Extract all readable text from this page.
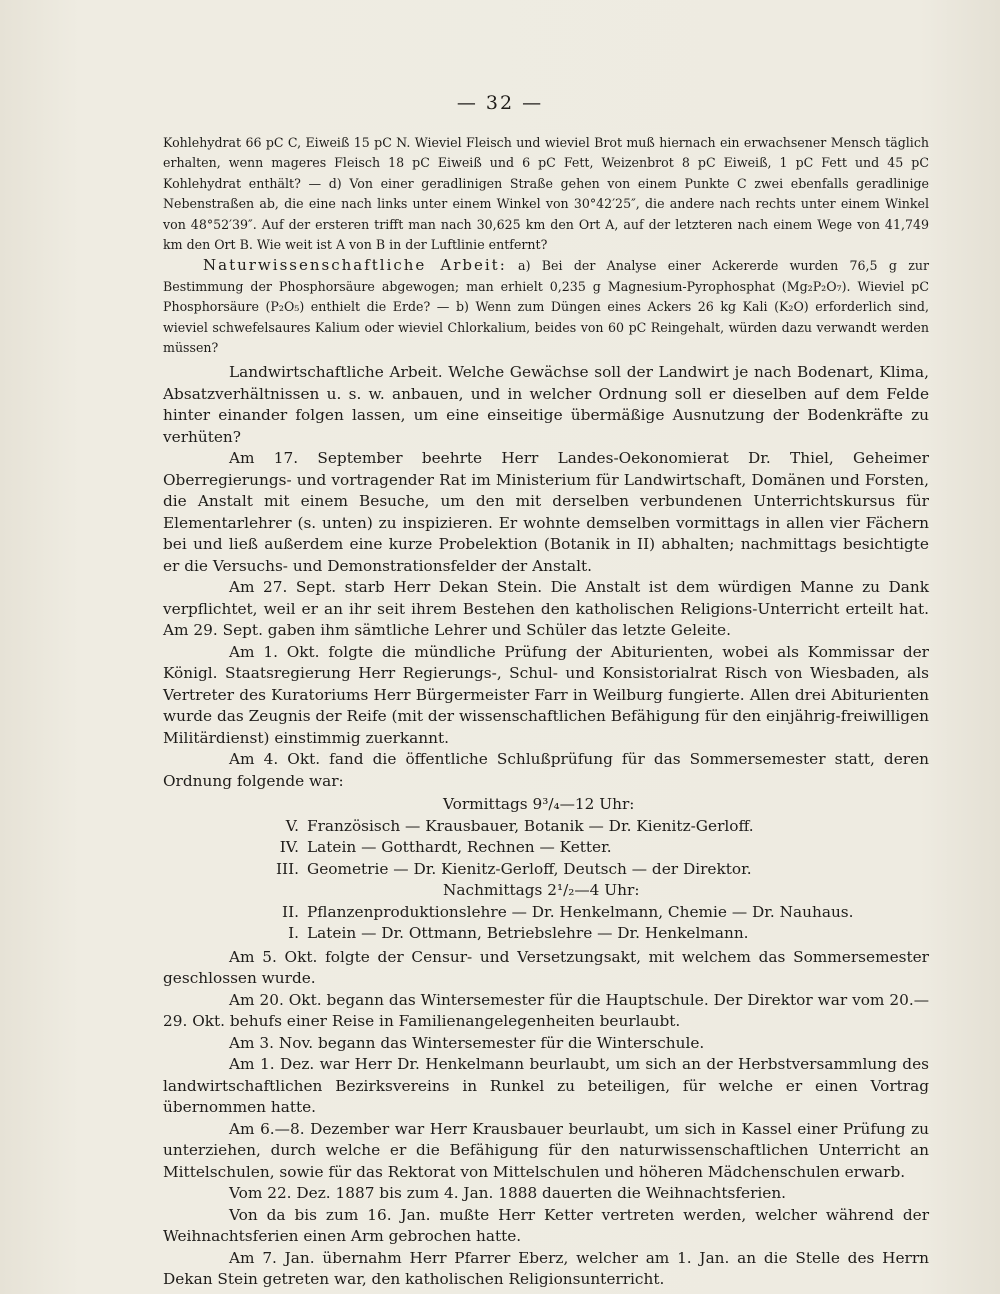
— 32 —

Kohlehydrat 66 pC C, Eiweiß 15 pC N. Wieviel Fleisch und wieviel Brot muß hiernach ein erwachsener Mensch täglich erhalten, wenn mageres Fleisch 18 pC Eiweiß und 6 pC Fett, Weizenbrot 8 pC Eiweiß, 1 pC Fett und 45 pC Kohlehydrat enthält? — d) Von einer geradlinigen Straße gehen von einem Punkte C zwei ebenfalls geradlinige Nebenstraßen ab, die eine nach links unter einem Winkel von 30°42′25″, die andere nach rechts unter einem Winkel von 48°52′39″. Auf der ersteren trifft man nach 30,625 km den Ort A, auf der letzteren nach einem Wege von 41,749 km den Ort B. Wie weit ist A von B in der Luftlinie entfernt?

Naturwissenschaftliche Arbeit: a) Bei der Analyse einer Ackererde wurden 76,5 g zur Bestimmung der Phosphorsäure abgewogen; man erhielt 0,235 g Magnesium-Pyrophosphat (Mg₂P₂O₇). Wieviel pC Phosphorsäure (P₂O₅) enthielt die Erde? — b) Wenn zum Düngen eines Ackers 26 kg Kali (K₂O) erforderlich sind, wieviel schwefelsaures Kalium oder wieviel Chlorkalium, beides von 60 pC Reingehalt, würden dazu verwandt werden müssen?

Landwirtschaftliche Arbeit. Welche Gewächse soll der Landwirt je nach Bodenart, Klima, Absatzverhältnissen u. s. w. anbauen, und in welcher Ordnung soll er dieselben auf dem Felde hinter einander folgen lassen, um eine einseitige übermäßige Ausnutzung der Bodenkräfte zu verhüten?

Am 17. September beehrte Herr Landes-Oekonomierat Dr. Thiel, Geheimer Oberregierungs- und vortragender Rat im Ministerium für Landwirtschaft, Domänen und Forsten, die Anstalt mit einem Besuche, um den mit derselben verbundenen Unterrichtskursus für Elementarlehrer (s. unten) zu inspizieren. Er wohnte demselben vormittags in allen vier Fächern bei und ließ außerdem eine kurze Probelektion (Botanik in II) abhalten; nachmittags besichtigte er die Versuchs- und Demonstrationsfelder der Anstalt.

Am 27. Sept. starb Herr Dekan Stein. Die Anstalt ist dem würdigen Manne zu Dank verpflichtet, weil er an ihr seit ihrem Bestehen den katholischen Religions-Unterricht erteilt hat. Am 29. Sept. gaben ihm sämtliche Lehrer und Schüler das letzte Geleite.

Am 1. Okt. folgte die mündliche Prüfung der Abiturienten, wobei als Kommissar der Königl. Staatsregierung Herr Regierungs-, Schul- und Konsistorialrat Risch von Wiesbaden, als Vertreter des Kuratoriums Herr Bürgermeister Farr in Weilburg fungierte. Allen drei Abiturienten wurde das Zeugnis der Reife (mit der wissenschaftlichen Befähigung für den einjährig-freiwilligen Militärdienst) einstimmig zuerkannt.

Am 4. Okt. fand die öffentliche Schlußprüfung für das Sommersemester statt, deren Ordnung folgende war:

Vormittags 9³/₄—12 Uhr:
V. Französisch — Krausbauer, Botanik — Dr. Kienitz-Gerloff.
IV. Latein — Gotthardt, Rechnen — Ketter.
III. Geometrie — Dr. Kienitz-Gerloff, Deutsch — der Direktor.
Nachmittags 2¹/₂—4 Uhr:
II. Pflanzenproduktionslehre — Dr. Henkelmann, Chemie — Dr. Nauhaus.
I. Latein — Dr. Ottmann, Betriebslehre — Dr. Henkelmann.

Am 5. Okt. folgte der Censur- und Versetzungsakt, mit welchem das Sommersemester geschlossen wurde.

Am 20. Okt. begann das Wintersemester für die Hauptschule. Der Direktor war vom 20.—29. Okt. behufs einer Reise in Familienangelegenheiten beurlaubt.

Am 3. Nov. begann das Wintersemester für die Winterschule.

Am 1. Dez. war Herr Dr. Henkelmann beurlaubt, um sich an der Herbstversammlung des landwirtschaftlichen Bezirksvereins in Runkel zu beteiligen, für welche er einen Vortrag übernommen hatte.

Am 6.—8. Dezember war Herr Krausbauer beurlaubt, um sich in Kassel einer Prüfung zu unterziehen, durch welche er die Befähigung für den naturwissenschaftlichen Unterricht an Mittelschulen, sowie für das Rektorat von Mittelschulen und höheren Mädchenschulen erwarb.

Vom 22. Dez. 1887 bis zum 4. Jan. 1888 dauerten die Weihnachtsferien.

Von da bis zum 16. Jan. mußte Herr Ketter vertreten werden, welcher während der Weihnachtsferien einen Arm gebrochen hatte.

Am 7. Jan. übernahm Herr Pfarrer Eberz, welcher am 1. Jan. an die Stelle des Herrn Dekan Stein getreten war, den katholischen Religionsunterricht.
